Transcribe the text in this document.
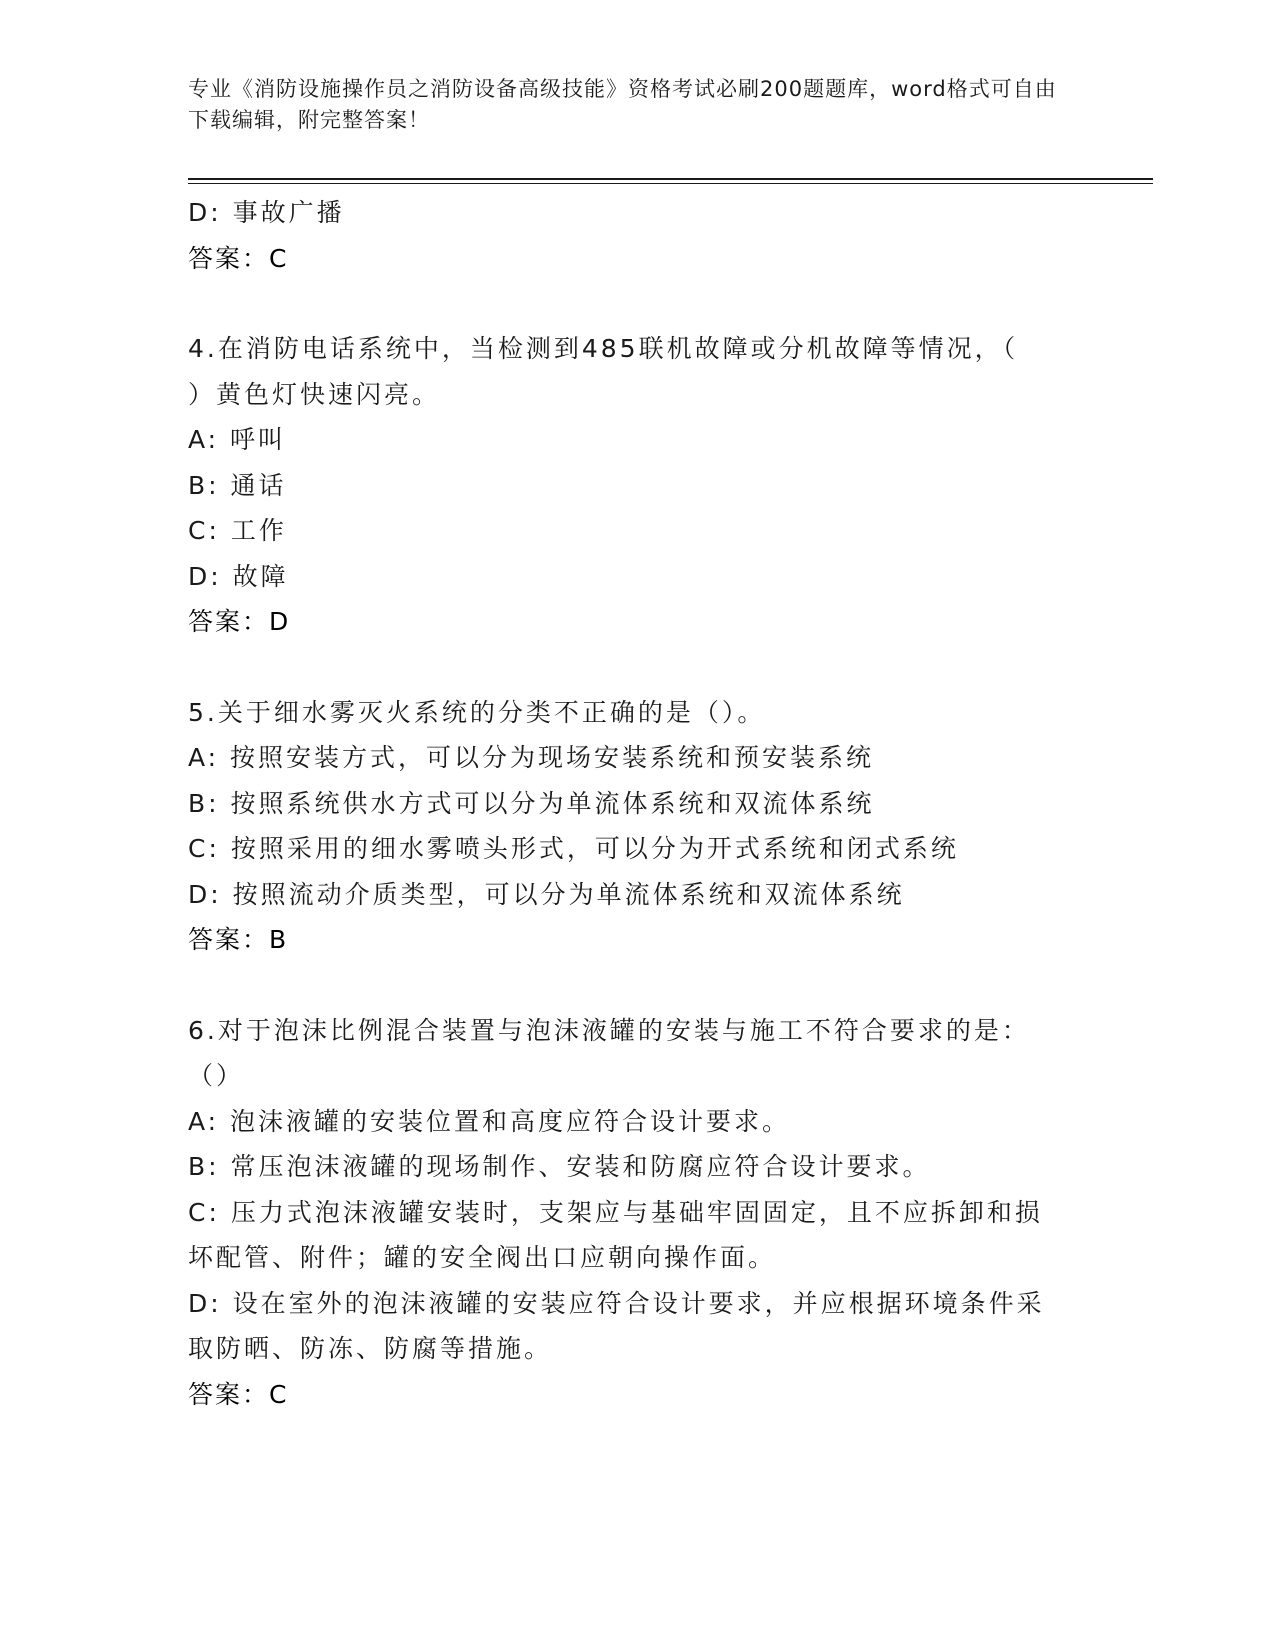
专业《消防设施操作员之消防设备高级技能》资格考试必刷200题题库，word格式可自由下载编辑，附完整答案！
D: 事故广播
答案：C
4.在消防电话系统中，当检测到485联机故障或分机故障等情况，（
）黄色灯快速闪亮。
A: 呼叫
B: 通话
C: 工作
D: 故障
答案：D
5.关于细水雾灭火系统的分类不正确的是（）。
A: 按照安装方式，可以分为现场安装系统和预安装系统
B: 按照系统供水方式可以分为单流体系统和双流体系统
C: 按照采用的细水雾喷头形式，可以分为开式系统和闭式系统
D: 按照流动介质类型，可以分为单流体系统和双流体系统
答案：B
6.对于泡沫比例混合装置与泡沫液罐的安装与施工不符合要求的是：
（）
A: 泡沫液罐的安装位置和高度应符合设计要求。
B: 常压泡沫液罐的现场制作、安装和防腐应符合设计要求。
C: 压力式泡沫液罐安装时，支架应与基础牢固固定，且不应拆卸和损
坏配管、附件；罐的安全阀出口应朝向操作面。
D: 设在室外的泡沫液罐的安装应符合设计要求，并应根据环境条件采
取防晒、防冻、防腐等措施。
答案：C
